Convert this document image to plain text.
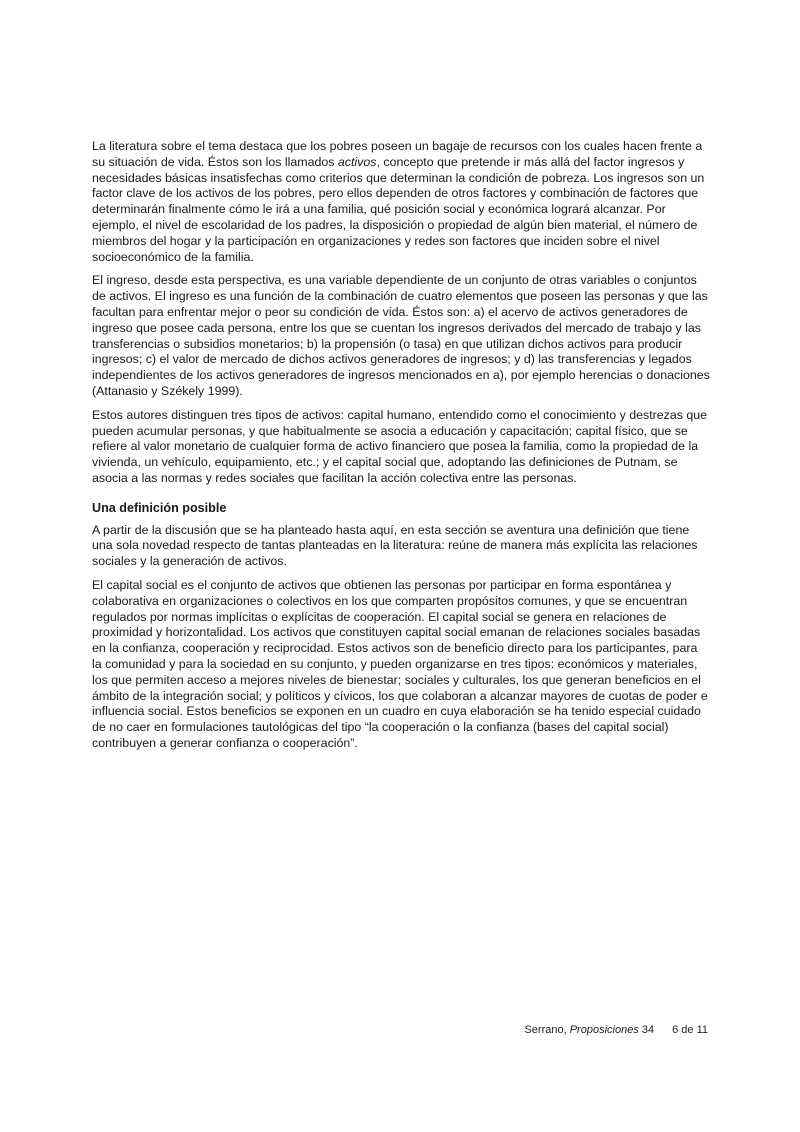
La literatura sobre el tema destaca que los pobres poseen un bagaje de recursos con los cuales hacen frente a su situación de vida. Éstos son los llamados activos, concepto que pretende ir más allá del factor ingresos y necesidades básicas insatisfechas como criterios que determinan la condición de pobreza. Los ingresos son un factor clave de los activos de los pobres, pero ellos dependen de otros factores y combinación de factores que determinarán finalmente cómo le irá a una familia, qué posición social y económica logrará alcanzar. Por ejemplo, el nivel de escolaridad de los padres, la disposición o propiedad de algún bien material, el número de miembros del hogar y la participación en organizaciones y redes son factores que inciden sobre el nivel socioeconómico de la familia.

El ingreso, desde esta perspectiva, es una variable dependiente de un conjunto de otras variables o conjuntos de activos. El ingreso es una función de la combinación de cuatro elementos que poseen las personas y que las facultan para enfrentar mejor o peor su condición de vida. Éstos son: a) el acervo de activos generadores de ingreso que posee cada persona, entre los que se cuentan los ingresos derivados del mercado de trabajo y las transferencias o subsidios monetarios; b) la propensión (o tasa) en que utilizan dichos activos para producir ingresos; c) el valor de mercado de dichos activos generadores de ingresos; y d) las transferencias y legados independientes de los activos generadores de ingresos mencionados en a), por ejemplo herencias o donaciones (Attanasio y Székely 1999).

Estos autores distinguen tres tipos de activos: capital humano, entendido como el conocimiento y destrezas que pueden acumular personas, y que habitualmente se asocia a educación y capacitación; capital físico, que se refiere al valor monetario de cualquier forma de activo financiero que posea la familia, como la propiedad de la vivienda, un vehículo, equipamiento, etc.; y el capital social que, adoptando las definiciones de Putnam, se asocia a las normas y redes sociales que facilitan la acción colectiva entre las personas.

Una definición posible

A partir de la discusión que se ha planteado hasta aquí, en esta sección se aventura una definición que tiene una sola novedad respecto de tantas planteadas en la literatura: reúne de manera más explícita las relaciones sociales y la generación de activos.

El capital social es el conjunto de activos que obtienen las personas por participar en forma espontánea y colaborativa en organizaciones o colectivos en los que comparten propósitos comunes, y que se encuentran regulados por normas implícitas o explícitas de cooperación. El capital social se genera en relaciones de proximidad y horizontalidad. Los activos que constituyen capital social emanan de relaciones sociales basadas en la confianza, cooperación y reciprocidad. Estos activos son de beneficio directo para los participantes, para la comunidad y para la sociedad en su conjunto, y pueden organizarse en tres tipos: económicos y materiales, los que permiten acceso a mejores niveles de bienestar; sociales y culturales, los que generan beneficios en el ámbito de la integración social; y políticos y cívicos, los que colaboran a alcanzar mayores de cuotas de poder e influencia social. Estos beneficios se exponen en un cuadro en cuya elaboración se ha tenido especial cuidado de no caer en formulaciones tautológicas del tipo “la cooperación o la confianza (bases del capital social) contribuyen a generar confianza o cooperación”.

Serrano, Proposiciones 34 6 de 11
